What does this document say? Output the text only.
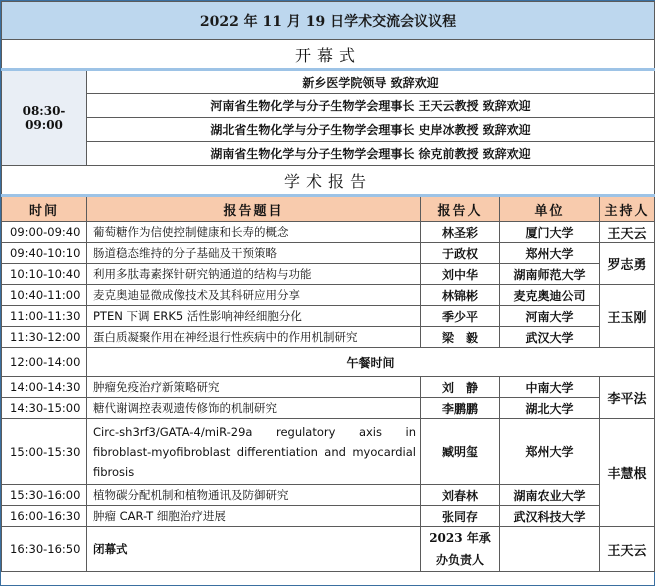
2022 年 11 月 19 日学术交流会议议程				
开幕式				
08:30-09:00	新乡医学院领导 致辞欢迎			
	河南省生物化学与分子生物学会理事长 王天云教授 致辞欢迎			
	湖北省生物化学与分子生物学会理事长 史岸冰教授 致辞欢迎			
	湖南省生物化学与分子生物学会理事长 徐克前教授 致辞欢迎			
学术报告				
时间	报告题目	报告人	单位	主持人
09:00-09:40	葡萄糖作为信使控制健康和长寿的概念	林圣彩	厦门大学	王天云
09:40-10:10	肠道稳态维持的分子基础及干预策略	于政权	郑州大学	罗志勇
10:10-10:40	利用多肽毒素探针研究钠通道的结构与功能	刘中华	湖南师范大学	
10:40-11:00	麦克奥迪显微成像技术及其科研应用分享	林锦彬	麦克奥迪公司	王玉刚
11:00-11:30	PTEN 下调 ERK5 活性影响神经细胞分化	季少平	河南大学	
11:30-12:00	蛋白质凝聚作用在神经退行性疾病中的作用机制研究	梁　毅	武汉大学	
12:00-14:00	午餐时间			
14:00-14:30	肿瘤免疫治疗新策略研究	刘　静	中南大学	李平法
14:30-15:00	糖代谢调控表观遗传修饰的机制研究	李鹏鹏	湖北大学	
15:00-15:30	Circ-sh3rf3/GATA-4/miR-29a regulatory axis in fibroblast-myofibroblast differentiation and myocardial fibrosis	臧明玺	郑州大学	丰慧根
15:30-16:00	植物碳分配机制和植物通讯及防御研究	刘春林	湖南农业大学	
16:00-16:30	肿瘤 CAR-T 细胞治疗进展	张同存	武汉科技大学	
16:30-16:50	闭幕式	2023 年承办负责人		王天云
